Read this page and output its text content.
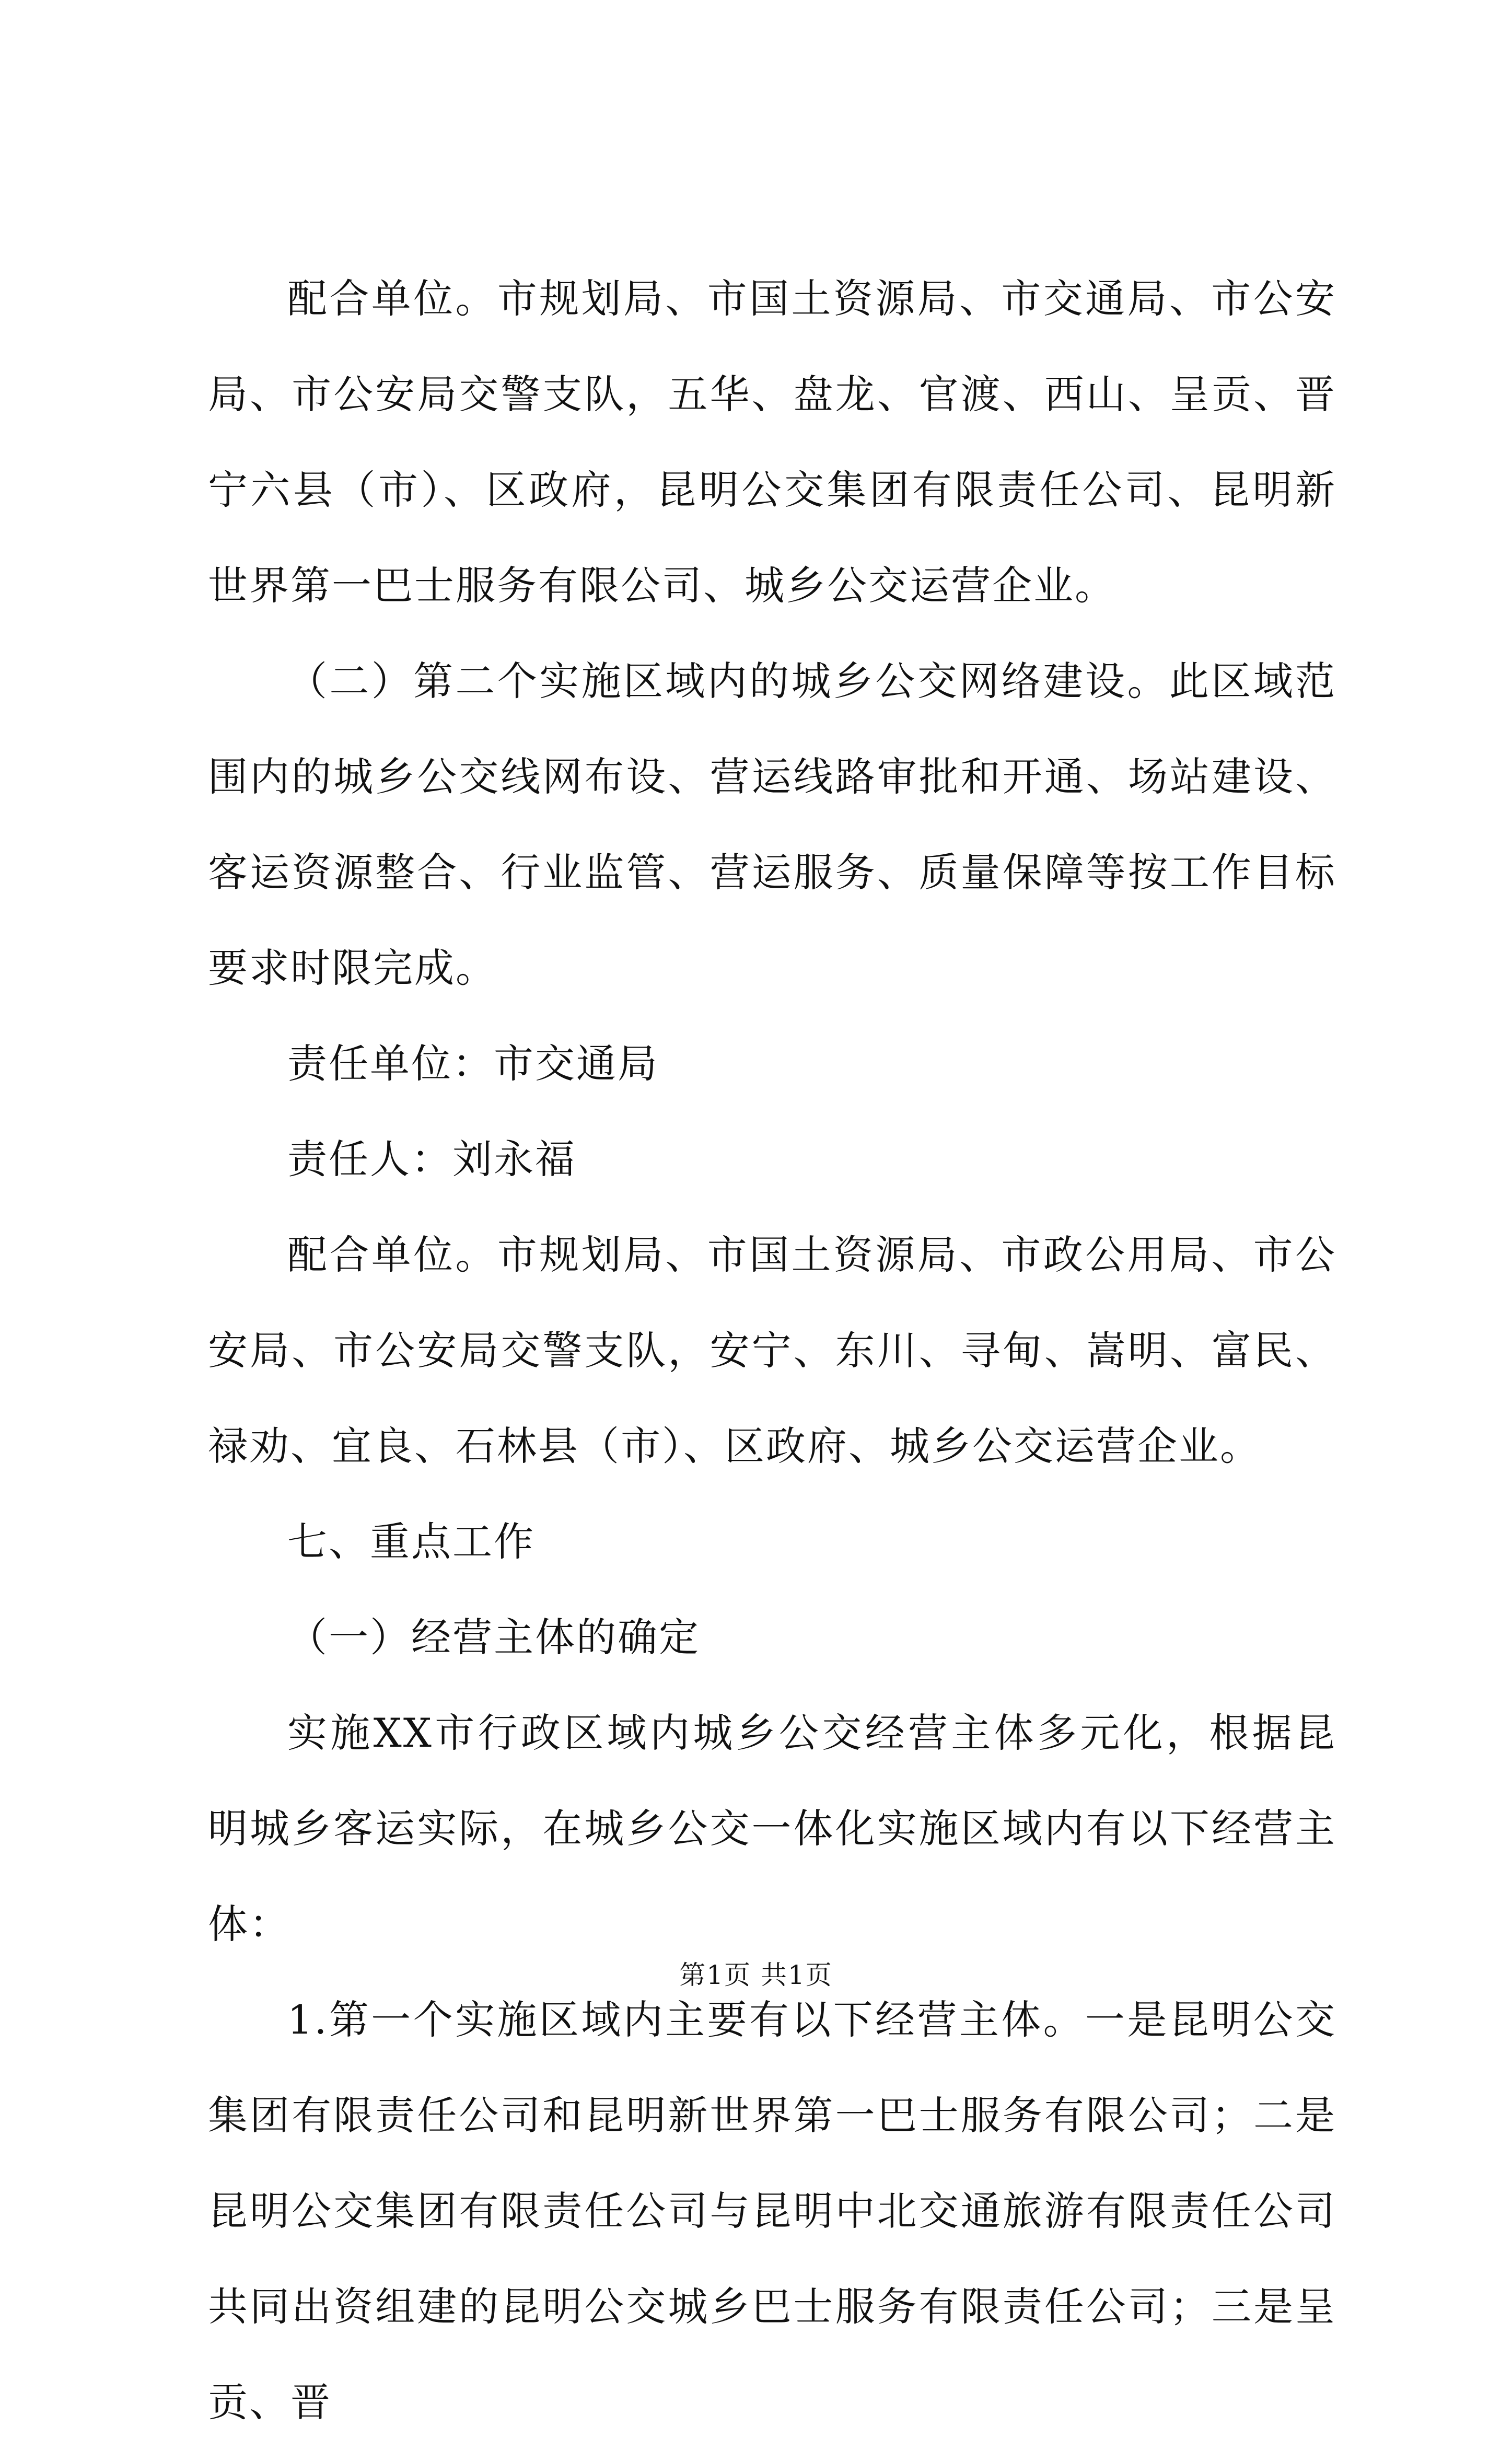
配合单位。市规划局、市国土资源局、市交通局、市公安局、市公安局交警支队，五华、盘龙、官渡、西山、呈贡、晋宁六县（市）、区政府，昆明公交集团有限责任公司、昆明新世界第一巴士服务有限公司、城乡公交运营企业。

（二）第二个实施区域内的城乡公交网络建设。此区域范围内的城乡公交线网布设、营运线路审批和开通、场站建设、客运资源整合、行业监管、营运服务、质量保障等按工作目标要求时限完成。

责任单位：市交通局

责任人：刘永福

配合单位。市规划局、市国土资源局、市政公用局、市公安局、市公安局交警支队，安宁、东川、寻甸、嵩明、富民、禄劝、宜良、石林县（市）、区政府、城乡公交运营企业。

七、重点工作

（一）经营主体的确定

实施XX市行政区域内城乡公交经营主体多元化，根据昆明城乡客运实际，在城乡公交一体化实施区域内有以下经营主体：

1.第一个实施区域内主要有以下经营主体。一是昆明公交集团有限责任公司和昆明新世界第一巴士服务有限公司；二是昆明公交集团有限责任公司与昆明中北交通旅游有限责任公司共同出资组建的昆明公交城乡巴士服务有限责任公司；三是呈贡、晋

第1页 共1页
